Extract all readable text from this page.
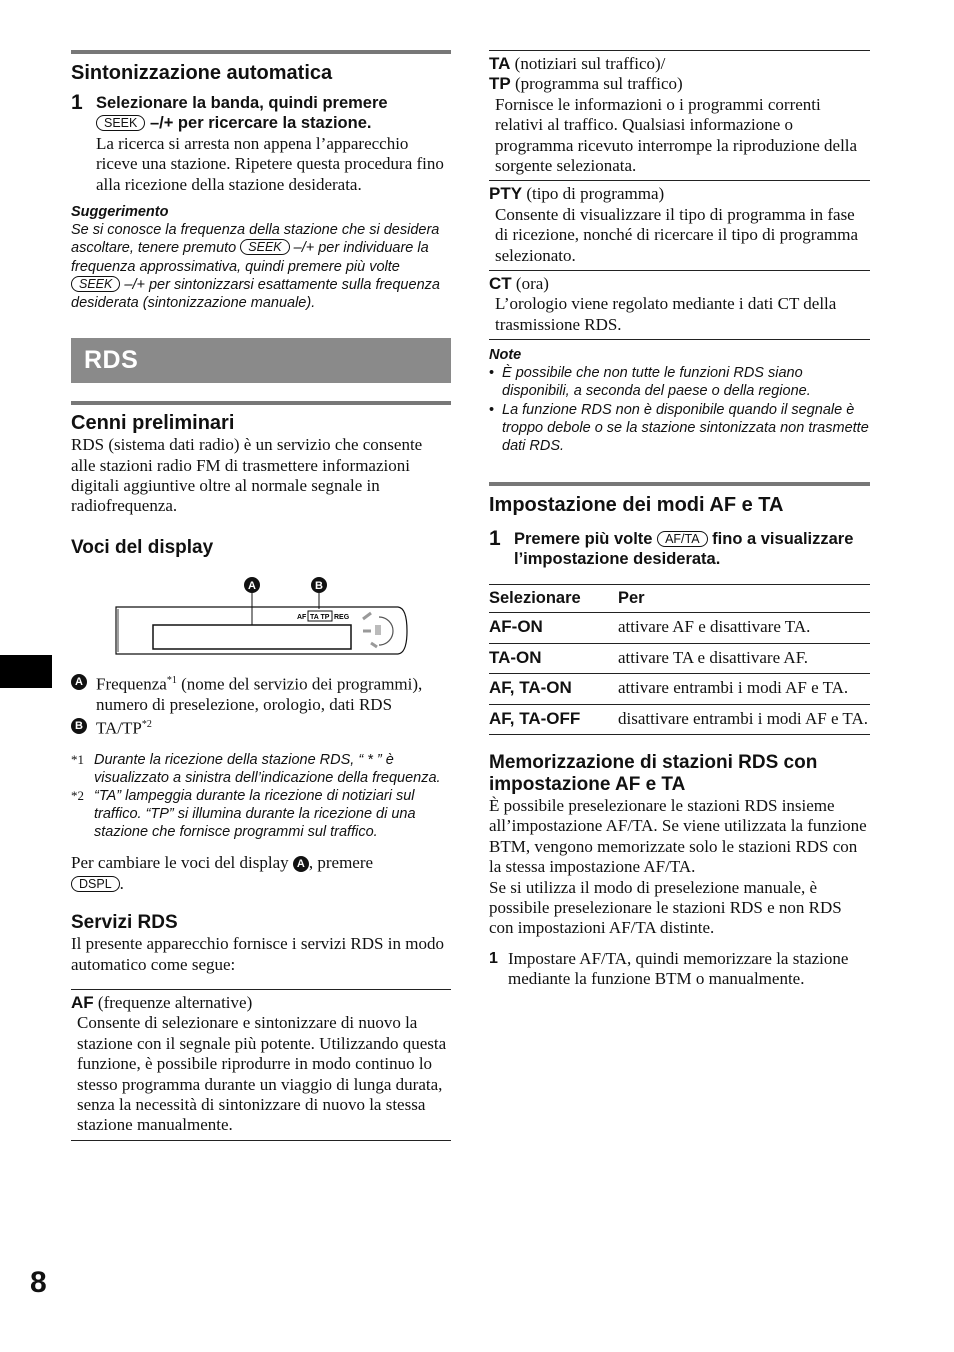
8
Sintonizzazione automatica
1 Selezionare la banda, quindi premere
SEEK –/+ per ricercare la stazione.
La ricerca si arresta non appena l’apparecchio riceve una stazione. Ripetere questa procedura fino alla ricezione della stazione desiderata.
Suggerimento
Se si conosce la frequenza della stazione che si desidera ascoltare, tenere premuto SEEK –/+ per individuare la frequenza approssimativa, quindi premere più volte SEEK –/+ per sintonizzarsi esattamente sulla frequenza desiderata (sintonizzazione manuale).
RDS
Cenni preliminari
RDS (sistema dati radio) è un servizio che consente alle stazioni radio FM di trasmettere informazioni digitali aggiuntive oltre al normale segnale in radiofrequenza.
Voci del display
A	B
AF TA TP REG
A Frequenza$^{*1}$ (nome del servizio dei programmi), numero di preselezione, orologio, dati RDS
B TA/TP$^{*2}$
*1 Durante la ricezione della stazione RDS, “ * ” è visualizzato a sinistra dell’indicazione della frequenza.
*2 “TA” lampeggia durante la ricezione di notiziari sul traffico. “TP” si illumina durante la ricezione di una stazione che fornisce programmi sul traffico.
Per cambiare le voci del display A , premere
DSPL .
Servizi RDS
Il presente apparecchio fornisce i servizi RDS in modo automatico come segue:
AF (frequenze alternative)
Consente di selezionare e sintonizzare di nuovo la stazione con il segnale più potente. Utilizzando questa funzione, è possibile riprodurre in modo continuo lo stesso programma durante un viaggio di lunga durata, senza la necessità di sintonizzare di nuovo la stessa stazione manualmente.
TA (notiziari sul traffico)/
TP (programma sul traffico)
Fornisce le informazioni o i programmi correnti relativi al traffico. Qualsiasi informazione o programma ricevuto interrompe la riproduzione della sorgente selezionata.
PTY (tipo di programma)
Consente di visualizzare il tipo di programma in fase di ricezione, nonché di ricercare il tipo di programma selezionato.
CT (ora)
L’orologio viene regolato mediante i dati CT della trasmissione RDS.
Note
• È possibile che non tutte le funzioni RDS siano disponibili, a seconda del paese o della regione.
• La funzione RDS non è disponibile quando il segnale è troppo debole o se la stazione sintonizzata non trasmette dati RDS.
Impostazione dei modi AF e TA
1 Premere più volte AF/TA fino a visualizzare l’impostazione desiderata.
Selezionare	Per
AF-ON	attivare AF e disattivare TA.
TA-ON	attivare TA e disattivare AF.
AF, TA-ON	attivare entrambi i modi AF e TA.
AF, TA-OFF	disattivare entrambi i modi AF e TA.
Memorizzazione di stazioni RDS con impostazione AF e TA
È possibile preselezionare le stazioni RDS insieme all’impostazione AF/TA. Se viene utilizzata la funzione BTM, vengono memorizzate solo le stazioni RDS con la stessa impostazione AF/TA.
Se si utilizza il modo di preselezione manuale, è possibile preselezionare le stazioni RDS e non RDS con impostazioni AF/TA distinte.
1 Impostare AF/TA, quindi memorizzare la stazione mediante la funzione BTM o manualmente.
